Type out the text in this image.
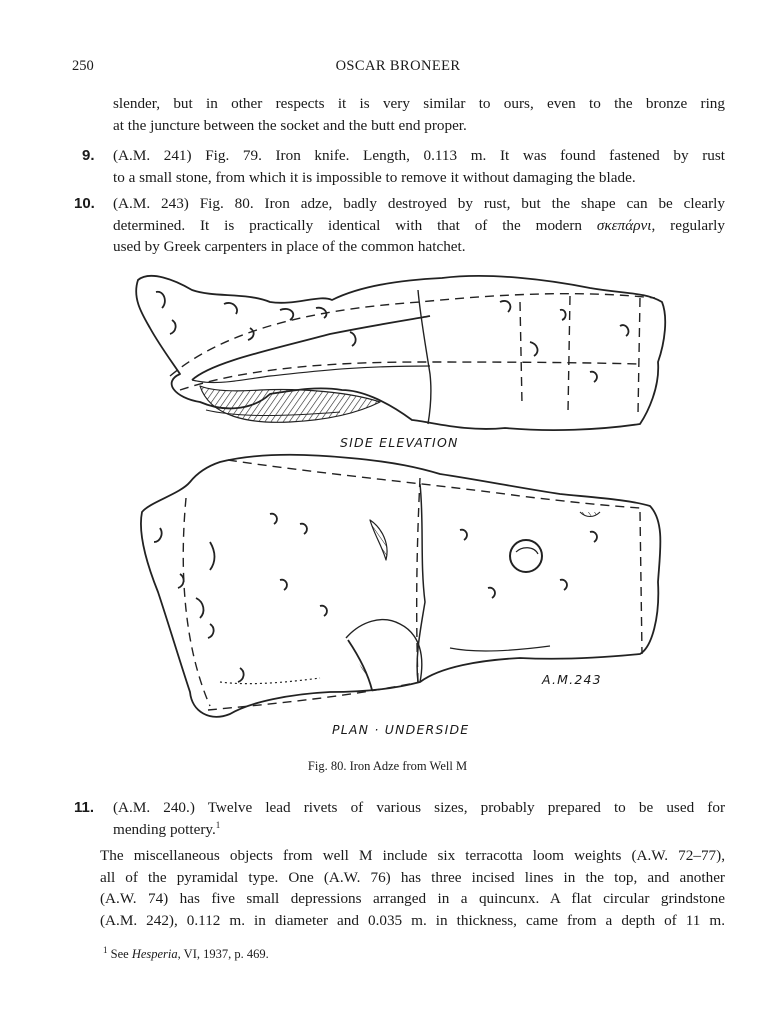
250	OSCAR BRONEER
slender, but in other respects it is very similar to ours, even to the bronze ring
at the juncture between the socket and the butt end proper.
9. (A.M. 241) Fig. 79. Iron knife. Length, 0.113 m. It was found fastened by rust
to a small stone, from which it is impossible to remove it without damaging the blade.
10. (A.M. 243) Fig. 80. Iron adze, badly destroyed by rust, but the shape can be clearly
determined. It is practically identical with that of the modern σκεπάρνι, regularly
used by Greek carpenters in place of the common hatchet.
SIDE ELEVATION
A.M.243
PLAN · UNDERSIDE
Fig. 80. Iron Adze from Well M
11. (A.M. 240.) Twelve lead rivets of various sizes, probably prepared to be used for
mending pottery.$^1$
The miscellaneous objects from well M include six terracotta loom weights (A.W. 72–77),
all of the pyramidal type. One (A.W. 76) has three incised lines in the top, and another
(A.W. 74) has five small depressions arranged in a quincunx. A flat circular grindstone
(A.M. 242), 0.112 m. in diameter and 0.035 m. in thickness, came from a depth of 11 m.
$^1$ See Hesperia, VI, 1937, p. 469.
